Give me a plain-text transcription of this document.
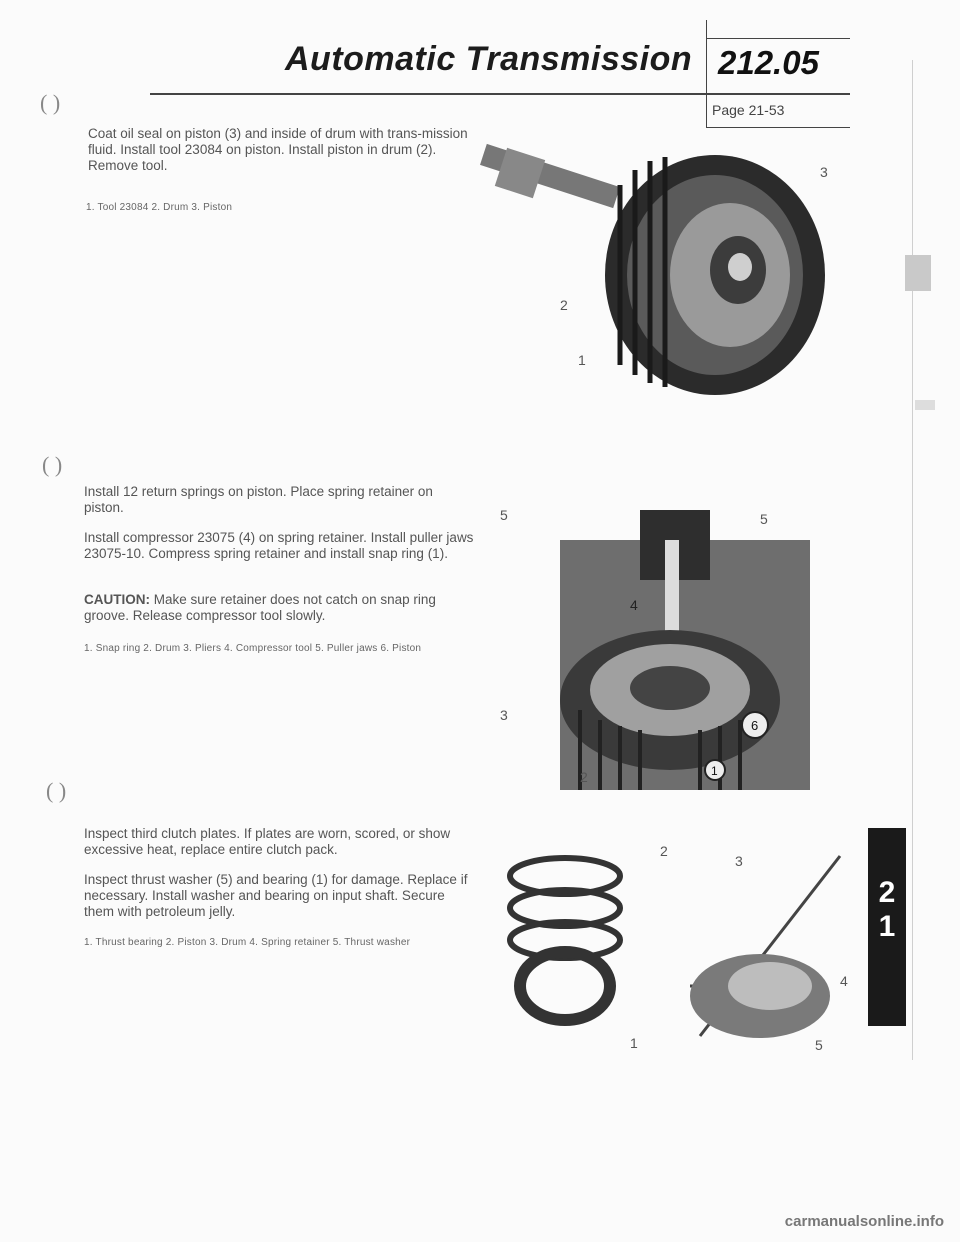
Automatic Transmission 212.05
Page 21-53
( )
Coat oil seal on piston (3) and inside of drum with trans-mission fluid. Install tool 23084 on piston. Install piston in drum (2). Remove tool.
1. Tool 23084 2. Drum 3. Piston
( )
Install 12 return springs on piston. Place spring retainer on piston.
Install compressor 23075 (4) on spring retainer. Install puller jaws 23075-10. Compress spring retainer and install snap ring (1).
CAUTION: Make sure retainer does not catch on snap ring groove. Release compressor tool slowly.
1. Snap ring 2. Drum 3. Pliers 4. Compressor tool 5. Puller jaws 6. Piston
( )
Inspect third clutch plates. If plates are worn, scored, or show excessive heat, replace entire clutch pack.
Inspect thrust washer (5) and bearing (1) for damage. Replace if necessary. Install washer and bearing on input shaft. Secure them with petroleum jelly.
1. Thrust bearing 2. Piston 3. Drum 4. Spring retainer 5. Thrust washer
3
2
1
5	5
4
6
3
2	1
2
3
4
1	5
2
1
carmanualsonline.info
